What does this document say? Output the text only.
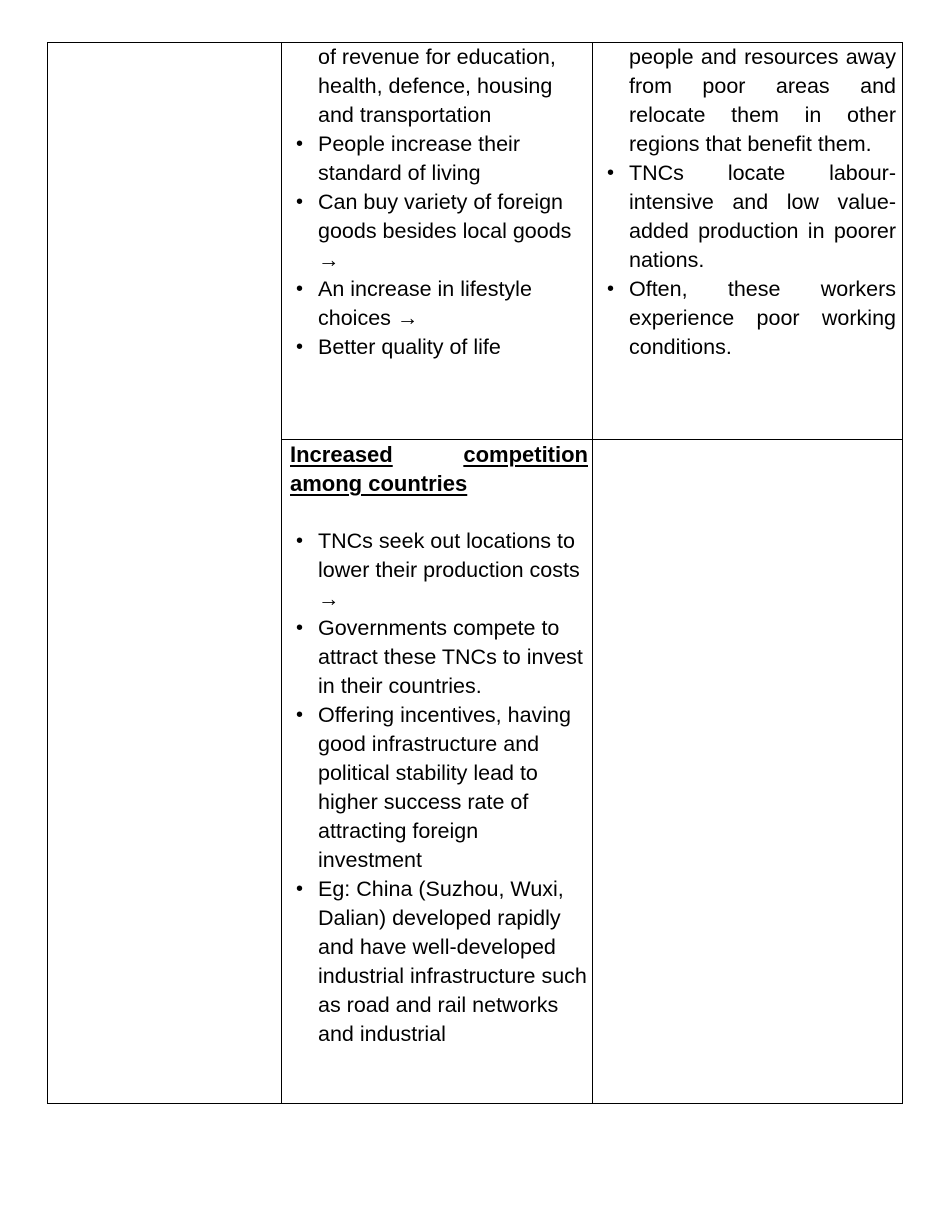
of revenue for education, health, defence, housing and transportation
• People increase their standard of living
• Can buy variety of foreign goods besides local goods →
• An increase in lifestyle choices →
• Better quality of life
people and resources away from poor areas and relocate them in other regions that benefit them.
• TNCs locate labour-intensive and low value-added production in poorer nations.
• Often, these workers experience poor working conditions.
Increased	competition
among countries
• TNCs seek out locations to lower their production costs →
• Governments compete to attract these TNCs to invest in their countries.
• Offering incentives, having good infrastructure and political stability lead to higher success rate of attracting foreign investment
• Eg: China (Suzhou, Wuxi, Dalian) developed rapidly and have well-developed industrial infrastructure such as road and rail networks and industrial
